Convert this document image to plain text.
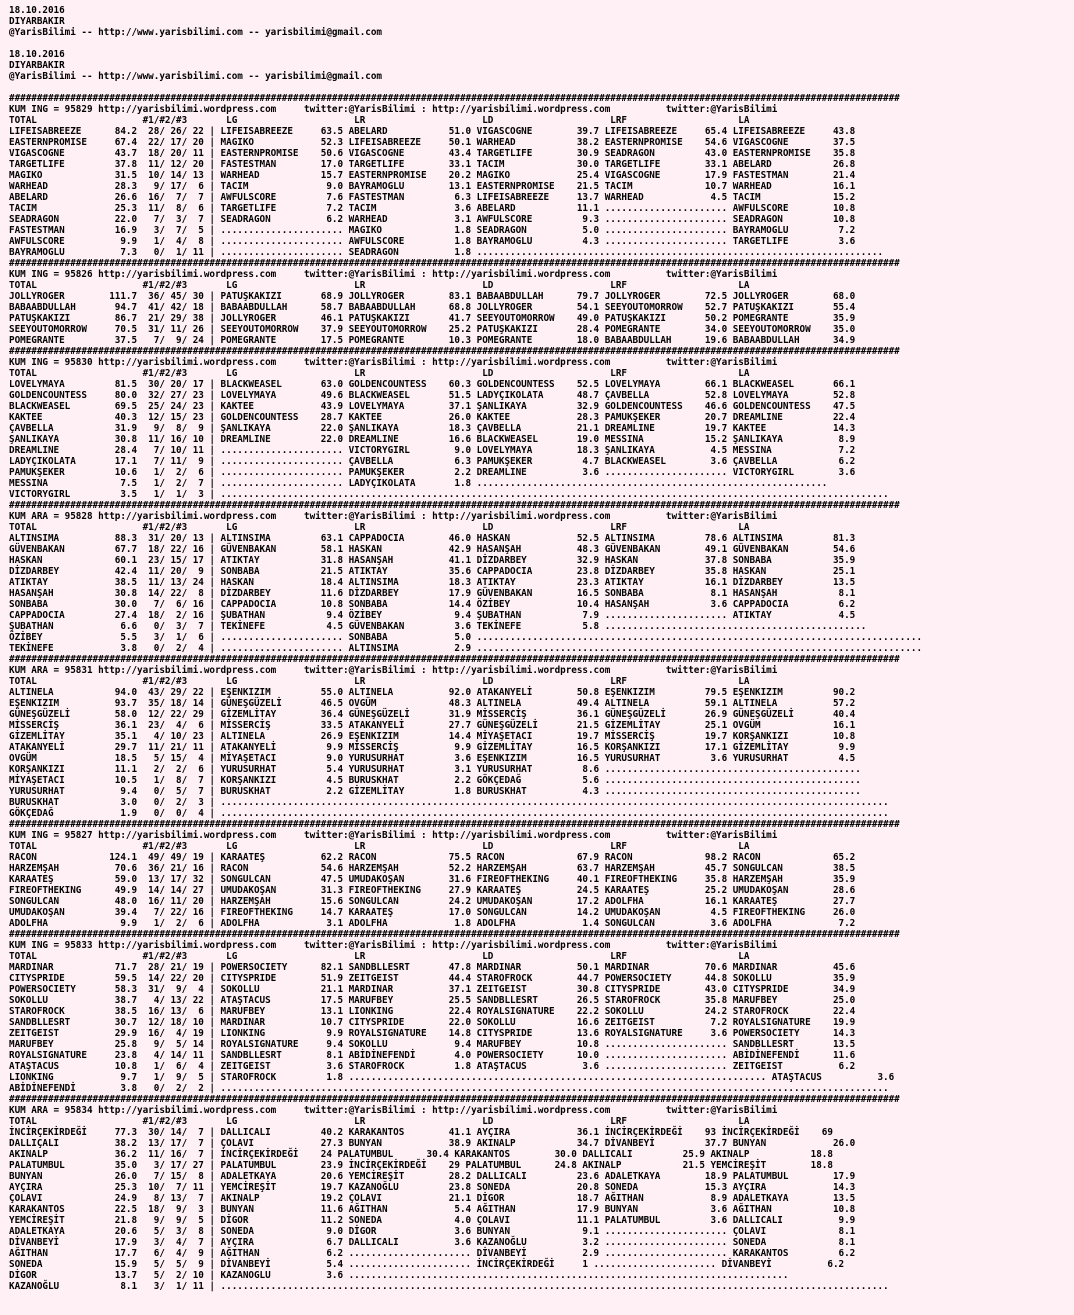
18.10.2016
DIYARBAKIR
@YarisBilimi -- http://www.yarisbilimi.com -- yarisbilimi@gmail.com

18.10.2016
DIYARBAKIR
@YarisBilimi -- http://www.yarisbilimi.com -- yarisbilimi@gmail.com

################################################################################################################################################################
KUM ING = 95829 http://yarisbilimi.wordpress.com     twitter:@YarisBilimi : http://yarisbilimi.wordpress.com          twitter:@YarisBilimi
TOTAL                   #1/#2/#3       LG                     LR                     LD                     LRF                    LA
LIFEISABREEZE      84.2  28/ 26/ 22 | LIFEISABREEZE     63.5 ABELARD           51.0 VIGASCOGNE        39.7 LIFEISABREEZE     65.4 LIFEISABREEZE     43.8
EASTERNPROMISE     67.4  22/ 17/ 20 | MAGIKO            52.3 LIFEISABREEZE     50.1 WARHEAD           38.2 EASTERNPROMISE    54.6 VIGASCOGNE        37.5
VIGASCOGNE         43.7  18/ 20/ 11 | EASTERNPROMISE    50.6 VIGASCOGNE        43.4 TARGETLIFE        30.9 SEADRAGON         43.0 EASTERNPROMISE    35.8
TARGETLIFE         37.8  11/ 12/ 20 | FASTESTMAN        17.0 TARGETLIFE        33.1 TACIM             30.0 TARGETLIFE        33.1 ABELARD           26.8
MAGIKO             31.5  10/ 14/ 13 | WARHEAD           15.7 EASTERNPROMISE    20.2 MAGIKO            25.4 VIGASCOGNE        17.9 FASTESTMAN        21.4
WARHEAD            28.3   9/ 17/  6 | TACIM              9.0 BAYRAMOGLU        13.1 EASTERNPROMISE    21.5 TACIM             10.7 WARHEAD           16.1
ABELARD            26.6  16/  7/  7 | AWFULSCORE         7.6 FASTESTMAN         6.3 LIFEISABREEZE     13.7 WARHEAD            4.5 TACIM             15.2
TACIM              25.3  11/  8/  6 | TARGETLIFE         7.2 TACIM              3.6 ABELARD           11.1 ...................... AWFULSCORE        10.8
SEADRAGON          22.0   7/  3/  7 | SEADRAGON          6.2 WARHEAD            3.1 AWFULSCORE         9.3 ...................... SEADRAGON         10.8
FASTESTMAN         16.9   3/  7/  5 | ...................... MAGIKO             1.8 SEADRAGON          5.0 ...................... BAYRAMOGLU         7.2
AWFULSCORE          9.9   1/  4/  8 | ...................... AWFULSCORE         1.8 BAYRAMOGLU         4.3 ...................... TARGETLIFE         3.6
BAYRAMOGLU          7.3   0/  1/ 11 | ...................... SEADRAGON          1.8 .........................................................................
################################################################################################################################################################
KUM ING = 95826 http://yarisbilimi.wordpress.com     twitter:@YarisBilimi : http://yarisbilimi.wordpress.com          twitter:@YarisBilimi
TOTAL                   #1/#2/#3       LG                     LR                     LD                     LRF                    LA
JOLLYROGER        111.7  36/ 45/ 30 | PATUŞKAKIZI       68.9 JOLLYROGER        83.1 BABAABDULLAH      79.7 JOLLYROGER        72.5 JOLLYROGER        68.0
BABAABDULLAH       94.7  41/ 42/ 18 | BABAABDULLAH      58.7 BABAABDULLAH      68.8 JOLLYROGER        54.1 SEEYOUTOMORROW    52.7 PATUŞKAKIZI       55.4
PATUŞKAKIZI        86.7  21/ 29/ 38 | JOLLYROGER        46.1 PATUŞKAKIZI       41.7 SEEYOUTOMORROW    49.0 PATUŞKAKIZI       50.2 POMEGRANTE        35.9
SEEYOUTOMORROW     70.5  31/ 11/ 26 | SEEYOUTOMORROW    37.9 SEEYOUTOMORROW    25.2 PATUŞKAKIZI       28.4 POMEGRANTE        34.0 SEEYOUTOMORROW    35.0
POMEGRANTE         37.5   7/  9/ 24 | POMEGRANTE        17.5 POMEGRANTE        10.3 POMEGRANTE        18.0 BABAABDULLAH      19.6 BABAABDULLAH      34.9
################################################################################################################################################################
KUM ING = 95830 http://yarisbilimi.wordpress.com     twitter:@YarisBilimi : http://yarisbilimi.wordpress.com          twitter:@YarisBilimi
TOTAL                   #1/#2/#3       LG                     LR                     LD                     LRF                    LA
LOVELYMAYA         81.5  30/ 20/ 17 | BLACKWEASEL       63.0 GOLDENCOUNTESS    60.3 GOLDENCOUNTESS    52.5 LOVELYMAYA        66.1 BLACKWEASEL       66.1
GOLDENCOUNTESS     80.0  32/ 27/ 23 | LOVELYMAYA        49.6 BLACKWEASEL       51.5 LADYÇIKOLATA      48.7 ÇAVBELLA          52.8 LOVELYMAYA        52.8
BLACKWEASEL        69.5  25/ 24/ 23 | KAKTEE            43.9 LOVELYMAYA        37.1 ŞANLIKAYA         32.9 GOLDENCOUNTESS    46.6 GOLDENCOUNTESS    47.5
KAKTEE             40.3  12/ 15/ 23 | GOLDENCOUNTESS    28.7 KAKTEE            26.0 KAKTEE            28.3 PAMUKŞEKER        20.7 DREAMLINE         22.4
ÇAVBELLA           31.9   9/  8/  9 | ŞANLIKAYA         22.0 ŞANLIKAYA         18.3 ÇAVBELLA          21.1 DREAMLINE         19.7 KAKTEE            14.3
ŞANLIKAYA          30.8  11/ 16/ 10 | DREAMLINE         22.0 DREAMLINE         16.6 BLACKWEASEL       19.0 MESSINA           15.2 ŞANLIKAYA          8.9
DREAMLINE          28.4   7/ 10/ 11 | ...................... VICTORYGIRL        9.0 LOVELYMAYA        18.3 ŞANLIKAYA          4.5 MESSINA            7.2
LADYÇIKOLATA       17.1   7/ 11/  9 | ...................... ÇAVBELLA           6.3 PAMUKŞEKER         4.7 BLACKWEASEL        3.6 ÇAVBELLA           6.2
PAMUKŞEKER         10.6   1/  2/  6 | ...................... PAMUKŞEKER         2.2 DREAMLINE          3.6 ...................... VICTORYGIRL        3.6
MESSINA             7.5   1/  2/  7 | ...................... LADYÇIKOLATA       1.8 ...............................................................
VICTORYGIRL         3.5   1/  1/  3 | ........................................................................................................................
################################################################################################################################################################
KUM ARA = 95828 http://yarisbilimi.wordpress.com     twitter:@YarisBilimi : http://yarisbilimi.wordpress.com          twitter:@YarisBilimi
TOTAL                   #1/#2/#3       LG                     LR                     LD                     LRF                    LA
ALTINSIMA          88.3  31/ 20/ 13 | ALTINSIMA         63.1 CAPPADOCIA        46.0 HASKAN            52.5 ALTINSIMA         78.6 ALTINSIMA         81.3
GÜVENBAKAN         67.7  18/ 22/ 16 | GÜVENBAKAN        58.1 HASKAN            42.9 HASANŞAH          48.3 GÜVENBAKAN        49.1 GÜVENBAKAN        54.6
HASKAN             60.1  23/ 15/ 17 | ATIKTAY           31.8 HASANŞAH          41.1 DİZDARBEY         32.9 HASKAN            37.8 SONBABA           35.9
DİZDARBEY          42.4  11/ 20/  9 | SONBABA           21.5 ATIKTAY           35.6 CAPPADOCIA        23.8 DİZDARBEY         35.8 HASKAN            25.1
ATIKTAY            38.5  11/ 13/ 24 | HASKAN            18.4 ALTINSIMA         18.3 ATIKTAY           23.3 ATIKTAY           16.1 DİZDARBEY         13.5
HASANŞAH           30.8  14/ 22/  8 | DİZDARBEY         11.6 DİZDARBEY         17.9 GÜVENBAKAN        16.5 SONBABA            8.1 HASANŞAH           8.1
SONBABA            30.0   7/  6/ 16 | CAPPADOCIA        10.8 SONBABA           14.4 ÖZİBEY            10.4 HASANŞAH           3.6 CAPPADOCIA         6.2
CAPPADOCIA         27.4  18/  2/ 16 | ŞUBATHAN           9.4 ÖZİBEY             9.4 ŞUBATHAN           7.9 ...................... ATIKTAY            4.5
ŞUBATHAN            6.6   0/  3/  7 | TEKİNEFE           4.5 GÜVENBAKAN         3.6 TEKİNEFE           5.8 ...............................................
ÖZİBEY              5.5   3/  1/  6 | ...................... SONBABA            5.0 ................................................................................
TEKİNEFE            3.8   0/  2/  4 | ...................... ALTINSIMA          2.9 ................................................................................
################################################################################################################################################################
KUM ARA = 95831 http://yarisbilimi.wordpress.com     twitter:@YarisBilimi : http://yarisbilimi.wordpress.com          twitter:@YarisBilimi
TOTAL                   #1/#2/#3       LG                     LR                     LD                     LRF                    LA
ALTINELA           94.0  43/ 29/ 22 | EŞENKIZIM         55.0 ALTINELA          92.0 ATAKANYELİ        50.8 EŞENKIZIM         79.5 EŞENKIZIM         90.2
EŞENKIZIM          93.7  35/ 18/ 14 | GÜNEŞGÜZELİ       46.5 OVGÜM             48.3 ALTINELA          49.4 ALTINELA          59.1 ALTINELA          57.2
GÜNEŞGÜZELİ        58.0  12/ 22/ 29 | GİZEMLİTAY        36.4 GÜNEŞGÜZELİ       31.9 MİSSERCİŞ         36.1 GÜNEŞGÜZELİ       26.9 GÜNEŞGÜZELİ       40.4
MİSSERCİŞ          36.1  23/  4/  6 | MİSSERCİŞ         33.5 ATAKANYELİ        27.7 GÜNEŞGÜZELİ       21.5 GİZEMLİTAY        25.1 OVGÜM             16.1
GİZEMLİTAY         35.1   4/ 10/ 23 | ALTINELA          26.9 EŞENKIZIM         14.4 MİYAŞETACI        19.7 MİSSERCİŞ         19.7 KORŞANKIZI        10.8
ATAKANYELİ         29.7  11/ 21/ 11 | ATAKANYELİ         9.9 MİSSERCİŞ          9.9 GİZEMLİTAY        16.5 KORŞANKIZI        17.1 GİZEMLİTAY         9.9
OVGÜM              18.5   5/ 15/  4 | MİYAŞETACI         9.0 YURUSURHAT         3.6 EŞENKIZIM         16.5 YURUSURHAT         3.6 YURUSURHAT         4.5
KORŞANKIZI         11.1   2/  2/  6 | YURUSURHAT         5.4 YURUSURHAT         3.1 YURUSURHAT         8.6 ..............................................
MİYAŞETACI         10.5   1/  8/  7 | KORŞANKIZI         4.5 BURUSKHAT          2.2 GÖKÇEDAĞ           5.6 ..............................................
YURUSURHAT          9.4   0/  5/  7 | BURUSKHAT          2.2 GİZEMLİTAY         1.8 BURUSKHAT          4.3 ..............................................
BURUSKHAT           3.0   0/  2/  3 | ........................................................................................................................
GÖKÇEDAĞ            1.9   0/  0/  4 | ........................................................................................................................
################################################################################################################################################################
KUM ING = 95827 http://yarisbilimi.wordpress.com     twitter:@YarisBilimi : http://yarisbilimi.wordpress.com          twitter:@YarisBilimi
TOTAL                   #1/#2/#3       LG                     LR                     LD                     LRF                    LA
RACON             124.1  49/ 49/ 19 | KARAATEŞ          62.2 RACON             75.5 RACON             67.9 RACON             98.2 RACON             65.2
HARZEMŞAH          70.6  36/ 21/ 16 | RACON             54.6 HARZEMŞAH         52.2 HARZEMŞAH         63.7 HARZEMŞAH         45.7 SONGULCAN         38.5
KARAATEŞ           59.0  13/ 17/ 32 | SONGULCAN         47.5 UMUDAKOŞAN        31.6 FIREOFTHEKING     40.1 FIREOFTHEKING     35.8 HARZEMŞAH         35.9
FIREOFTHEKING      49.9  14/ 14/ 27 | UMUDAKOŞAN        31.3 FIREOFTHEKING     27.9 KARAATEŞ          24.5 KARAATEŞ          25.2 UMUDAKOŞAN        28.6
SONGULCAN          48.0  16/ 11/ 20 | HARZEMŞAH         15.6 SONGULCAN         24.2 UMUDAKOŞAN        17.2 ADOLFHA           16.1 KARAATEŞ          27.7
UMUDAKOŞAN         39.4   7/ 22/ 16 | FIREOFTHEKING     14.7 KARAATEŞ          17.0 SONGULCAN         14.2 UMUDAKOŞAN         4.5 FIREOFTHEKING     26.0
ADOLFHA             9.9   1/  2/  6 | ADOLFHA            3.1 ADOLFHA            1.8 ADOLFHA            1.4 SONGULCAN          3.6 ADOLFHA            7.2
################################################################################################################################################################
KUM ING = 95833 http://yarisbilimi.wordpress.com     twitter:@YarisBilimi : http://yarisbilimi.wordpress.com          twitter:@YarisBilimi
TOTAL                   #1/#2/#3       LG                     LR                     LD                     LRF                    LA
MARDINAR           71.7  28/ 21/ 19 | POWERSOCIETY      82.1 SANDBLLESRT       47.8 MARDINAR          50.1 MARDINAR          70.6 MARDINAR          45.6
CITYSPRIDE         59.5  14/ 22/ 20 | CITYSPRIDE        51.9 ZEITGEIST         44.4 STAROFROCK        44.7 POWERSOCIETY      44.8 SOKOLLU           35.9
POWERSOCIETY       58.3  31/  9/  4 | SOKOLLU           21.1 MARDINAR          37.1 ZEITGEIST         30.8 CITYSPRIDE        43.0 CITYSPRIDE        34.9
SOKOLLU            38.7   4/ 13/ 22 | ATAŞTACUS         17.5 MARUFBEY          25.5 SANDBLLESRT       26.5 STAROFROCK        35.8 MARUFBEY          25.0
STAROFROCK         38.5  16/ 13/  6 | MARUFBEY          13.1 LIONKING          22.4 ROYALSIGNATURE    22.2 SOKOLLU           24.2 STAROFROCK        22.4
SANDBLLESRT        30.7  12/ 18/ 10 | MARDINAR          10.7 CITYSPRIDE        22.0 SOKOLLU           16.6 ZEITGEIST          7.2 ROYALSIGNATURE    19.9
ZEITGEIST          29.9  16/  4/ 19 | LIONKING           9.9 ROYALSIGNATURE    14.8 CITYSPRIDE        13.6 ROYALSIGNATURE     3.6 POWERSOCIETY      14.3
MARUFBEY           25.8   9/  5/ 14 | ROYALSIGNATURE     9.4 SOKOLLU            9.4 MARUFBEY          10.8 ...................... SANDBLLESRT       13.5
ROYALSIGNATURE     23.8   4/ 14/ 11 | SANDBLLESRT        8.1 ABİDİNEFENDİ       4.0 POWERSOCIETY      10.0 ...................... ABİDİNEFENDİ      11.6
ATAŞTACUS          10.8   1/  6/  4 | ZEITGEIST          3.6 STAROFROCK         1.8 ATAŞTACUS          3.6 ...................... ZEITGEIST          6.2
LIONKING            9.7   1/  9/  5 | STAROFROCK         1.8 ........................................................................... ATAŞTACUS          3.6
ABİDİNEFENDİ        3.8   0/  2/  2 | ........................................................................................................................
################################################################################################################################################################
KUM ARA = 95834 http://yarisbilimi.wordpress.com     twitter:@YarisBilimi : http://yarisbilimi.wordpress.com          twitter:@YarisBilimi
TOTAL                   #1/#2/#3       LG                     LR                     LD                     LRF                    LA
İNCİRÇEKİRDEĞİ     77.3  30/ 14/  7 | DALLICALI         40.2 KARAKANTOS        41.1 AYÇIRA            36.1 İNCİRÇEKİRDEĞİ    93 İNCİRÇEKİRDEĞİ    69
DALLIÇALI          38.2  13/ 17/  7 | ÇOLAVI            27.3 BUNYAN            38.9 AKINALP           34.7 DİVANBEYİ         37.7 BUNYAN            26.0
AKINALP            36.2  11/ 16/  7 | İNCİRÇEKİRDEĞİ    24 PALATUMBUL      30.4 KARAKANTOS        30.0 DALLICALI         25.9 AKINALP           18.8
PALATUMBUL         35.0   3/ 17/ 27 | PALATUMBUL        23.9 İNCİRÇEKİRDEĞİ    29 PALATUMBUL      24.8 AKINALP           21.5 YEMCİREŞİT        18.8
BUNYAN             26.0   7/ 15/  8 | ADALETKAYA        20.6 YEMCİREŞİT        28.2 DALLICALI         23.6 ADALETKAYA        18.9 PALATUMBUL        17.9
AYÇIRA             25.3  10/  7/ 11 | YEMCİREŞİT        19.7 KAZANOĞLU         23.8 SONEDA            20.8 SONEDA            15.3 AYÇIRA            14.3
ÇOLAVI             24.9   8/ 13/  7 | AKINALP           19.2 ÇOLAVI            21.1 DİGOR             18.7 AĞITHAN            8.9 ADALETKAYA        13.5
KARAKANTOS         22.5  18/  9/  3 | BUNYAN            11.6 AĞITHAN            5.4 AĞITHAN           17.9 BUNYAN             3.6 AĞITHAN           10.8
YEMCİREŞİT         21.8   9/  9/  5 | DİGOR             11.2 SONEDA             4.0 ÇOLAVI            11.1 PALATUMBUL         3.6 DALLICALI          9.9
ADALETKAYA         20.6   5/  3/  8 | SONEDA             9.0 DİGOR              3.6 BUNYAN             9.1 ...................... ÇOLAVI             8.1
DİVANBEYİ          17.9   3/  4/  7 | AYÇIRA             6.7 DALLICALI          3.6 KAZANOĞLU          3.2 ...................... SONEDA             8.1
AĞITHAN            17.7   6/  4/  9 | AĞITHAN            6.2 ...................... DİVANBEYİ          2.9 ...................... KARAKANTOS         6.2
SONEDA             15.9   5/  5/  9 | DİVANBEYİ          5.4 ...................... İNCİRÇEKİRDEĞİ     1 ...................... DİVANBEYİ          6.2
DİGOR              13.7   5/  2/ 10 | KAZANOGLU          3.6 ...............................................................................
KAZANOĞLU           8.1   3/  1/ 11 | ........................................................................................................................
